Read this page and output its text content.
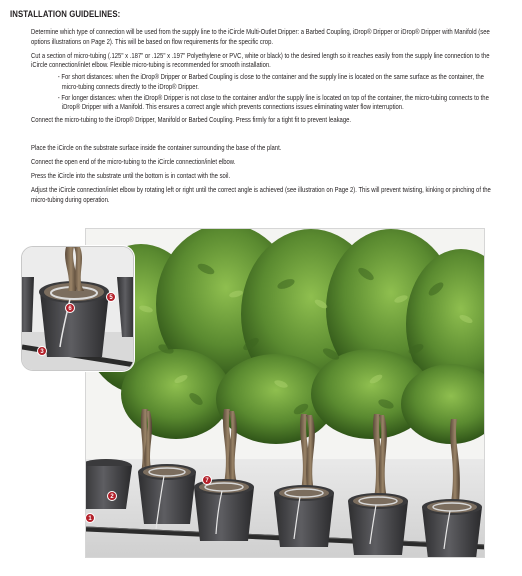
INSTALLATION GUIDELINES:

Determine which type of connection will be used from the supply line to the iCircle Multi-Outlet Dripper: a Barbed Coupling, iDrop® Dripper or iDrop® Dripper with Manifold (see options illustrations on Page 2). This will be based on flow requirements for the specific crop.

Cut a section of micro-tubing (.125" x .187" or .125" x .197" Polyethylene or PVC, white or black) to the desired length so it reaches easily from the supply line connection to the iCircle connection/inlet elbow. Flexible micro-tubing is recommended for smooth installation.

- For short distances: when the iDrop® Dripper or Barbed Coupling is close to the container and the supply line is located on the same surface as the container, the micro-tubing connects directly to the iDrop® Dripper.

- For longer distances: when the iDrop® Dripper is not close to the container and/or the supply line is located on top of the container, the micro-tubing connects to the iDrop® Dripper with a Manifold. This ensures a correct angle which prevents connections issues eliminating water flow interruption.

Connect the micro-tubing to the iDrop® Dripper, Manifold or Barbed Coupling. Press firmly for a tight fit to prevent leakage.

Place the iCircle on the substrate surface inside the container surrounding the base of the plant.

Connect the open end of the micro-tubing to the iCircle connection/inlet elbow.

Press the iCircle into the substrate until the bottom is in contact with the soil.

Adjust the iCircle connection/inlet elbow by rotating left or right until the correct angle is achieved (see illustration on Page 2). This will prevent twisting, kinking or pinching of the micro-tubing during operation.

1
2
3
5
6
7
